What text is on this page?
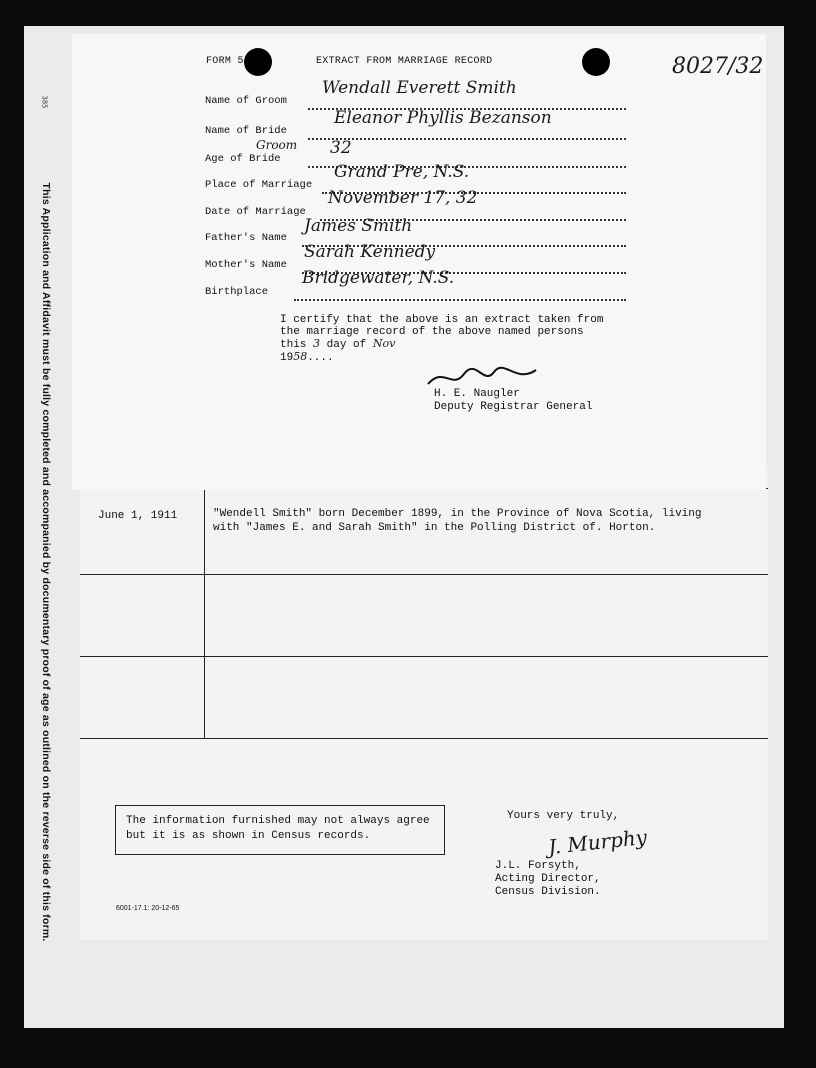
385
This Application and Affidavit must be fully completed and accompanied by documentary proof of age as outlined on the reverse side of this form.	June 1, 1911	"Wendell Smith" born December 1899, in the Province of Nova Scotia, living with "James E. and Sarah Smith" in the Polling District of. Horton.
The information furnished may not always agree but it is as shown in Census records.
Yours very truly,
J. Murphy
J.L. Forsyth,
Acting Director,
Census Division.
6001-17.1: 20-12-65
FORM 5	EXTRACT FROM MARRIAGE RECORD	8027/32
Name of Groom
Wendall Everett Smith
Name of Bride
Eleanor Phyllis Bezanson
Age of Bride
Groom 32
Place of Marriage
Grand Pre, N.S.
Date of Marriage
November 17, 32
Father's Name
James Smith
Mother's Name
Sarah Kennedy
Birthplace
Bridgewater, N.S.
I certify that the above is an extract taken from the marriage record of the above named persons this 3 day of Nov
1958....
H. E. Naugler
Deputy Registrar General
